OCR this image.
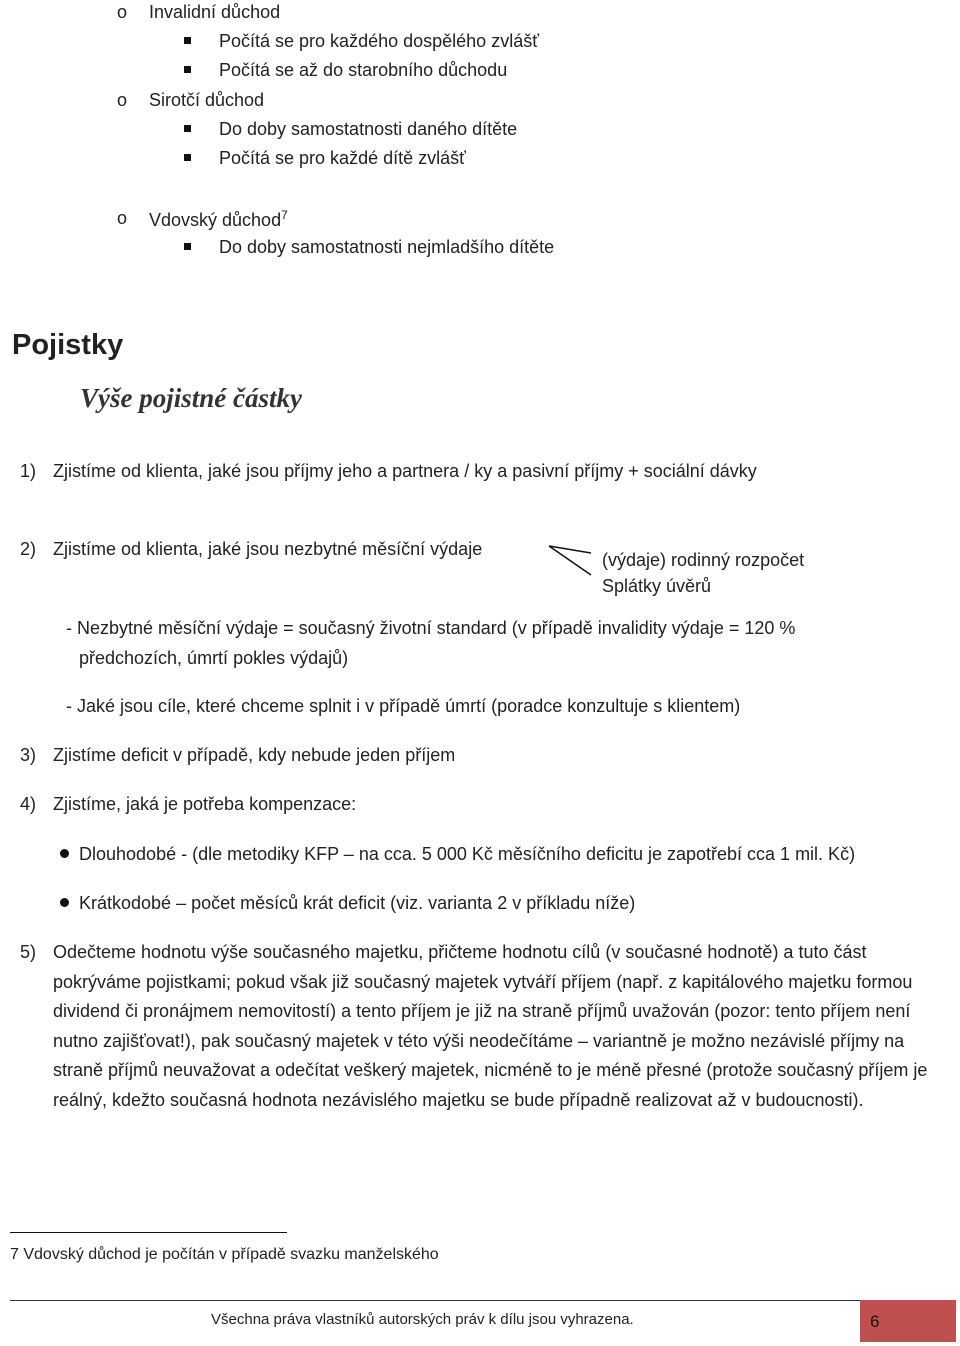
o Invalidní důchod
Počítá se pro každého dospělého zvlášť
Počítá se až do starobního důchodu
o Sirotčí důchod
Do doby samostatnosti daného dítěte
Počítá se pro každé dítě zvlášť
o Vdovský důchod$^7$
Do doby samostatnosti nejmladšího dítěte
Pojistky
Výše pojistné částky
1) Zjistíme od klienta, jaké jsou příjmy jeho a partnera / ky a pasivní příjmy + sociální dávky
2) Zjistíme od klienta, jaké jsou nezbytné měsíční výdaje
(výdaje) rodinný rozpočet
Splátky úvěrů
- Nezbytné měsíční výdaje = současný životní standard (v případě invalidity výdaje = 120 %
předchozích, úmrtí pokles výdajů)
- Jaké jsou cíle, které chceme splnit i v případě úmrtí (poradce konzultuje s klientem)
3) Zjistíme deficit v případě, kdy nebude jeden příjem
4) Zjistíme, jaká je potřeba kompenzace:
Dlouhodobé - (dle metodiky KFP – na cca. 5 000 Kč měsíčního deficitu je zapotřebí cca 1 mil. Kč)
Krátkodobé – počet měsíců krát deficit (viz. varianta 2 v příkladu níže)
5) Odečteme hodnotu výše současného majetku, přičteme hodnotu cílů (v současné hodnotě) a tuto část pokrýváme pojistkami; pokud však již současný majetek vytváří příjem (např. z kapitálového majetku formou dividend či pronájmem nemovitostí) a tento příjem je již na straně příjmů uvažován (pozor: tento příjem není nutno zajišťovat!), pak současný majetek v této výši neodečítáme – variantně je možno nezávislé příjmy na straně příjmů neuvažovat a odečítat veškerý majetek, nicméně to je méně přesné (protože současný příjem je reálný, kdežto současná hodnota nezávislého majetku se bude případně realizovat až v budoucnosti).
7 Vdovský důchod je počítán v případě svazku manželského
Všechna práva vlastníků autorských práv k dílu jsou vyhrazena.	6
